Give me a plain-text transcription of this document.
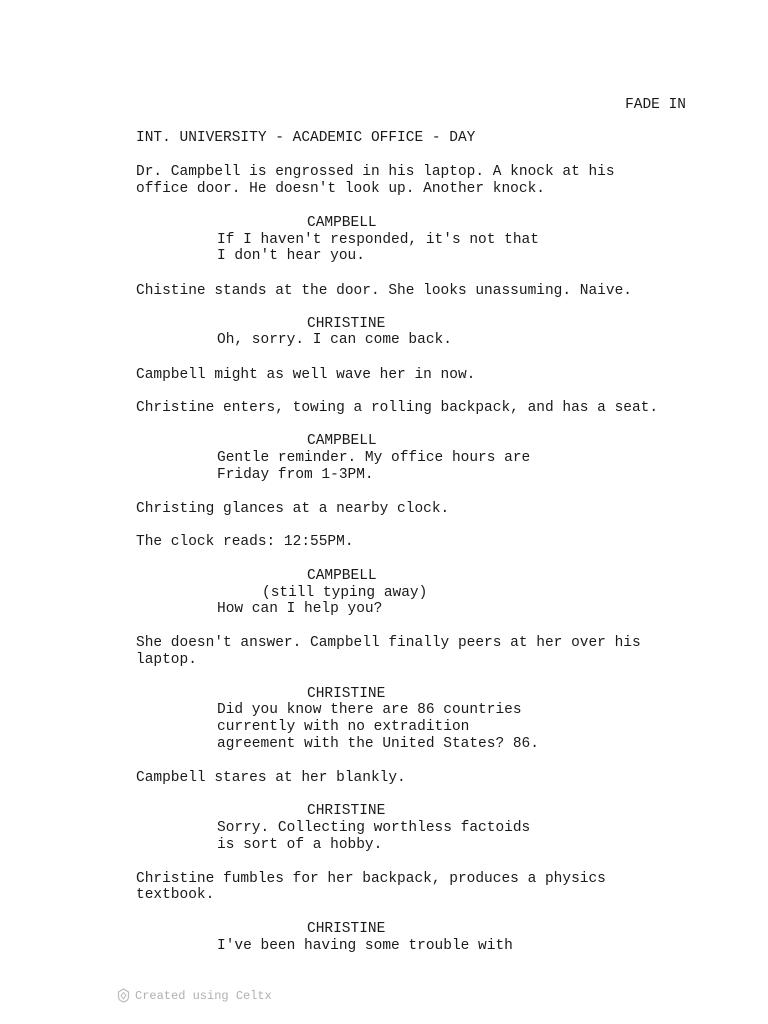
FADE IN
INT. UNIVERSITY - ACADEMIC OFFICE - DAY
Dr. Campbell is engrossed in his laptop. A knock at his
office door. He doesn't look up. Another knock.
CAMPBELL
If I haven't responded, it's not that
I don't hear you.
Chistine stands at the door. She looks unassuming. Naive.
CHRISTINE
Oh, sorry. I can come back.
Campbell might as well wave her in now.
Christine enters, towing a rolling backpack, and has a seat.
CAMPBELL
Gentle reminder. My office hours are
Friday from 1-3PM.
Christing glances at a nearby clock.
The clock reads: 12:55PM.
CAMPBELL
(still typing away)
How can I help you?
She doesn't answer. Campbell finally peers at her over his
laptop.
CHRISTINE
Did you know there are 86 countries
currently with no extradition
agreement with the United States? 86.
Campbell stares at her blankly.
CHRISTINE
Sorry. Collecting worthless factoids
is sort of a hobby.
Christine fumbles for her backpack, produces a physics
textbook.
CHRISTINE
I've been having some trouble with
Created using Celtx
